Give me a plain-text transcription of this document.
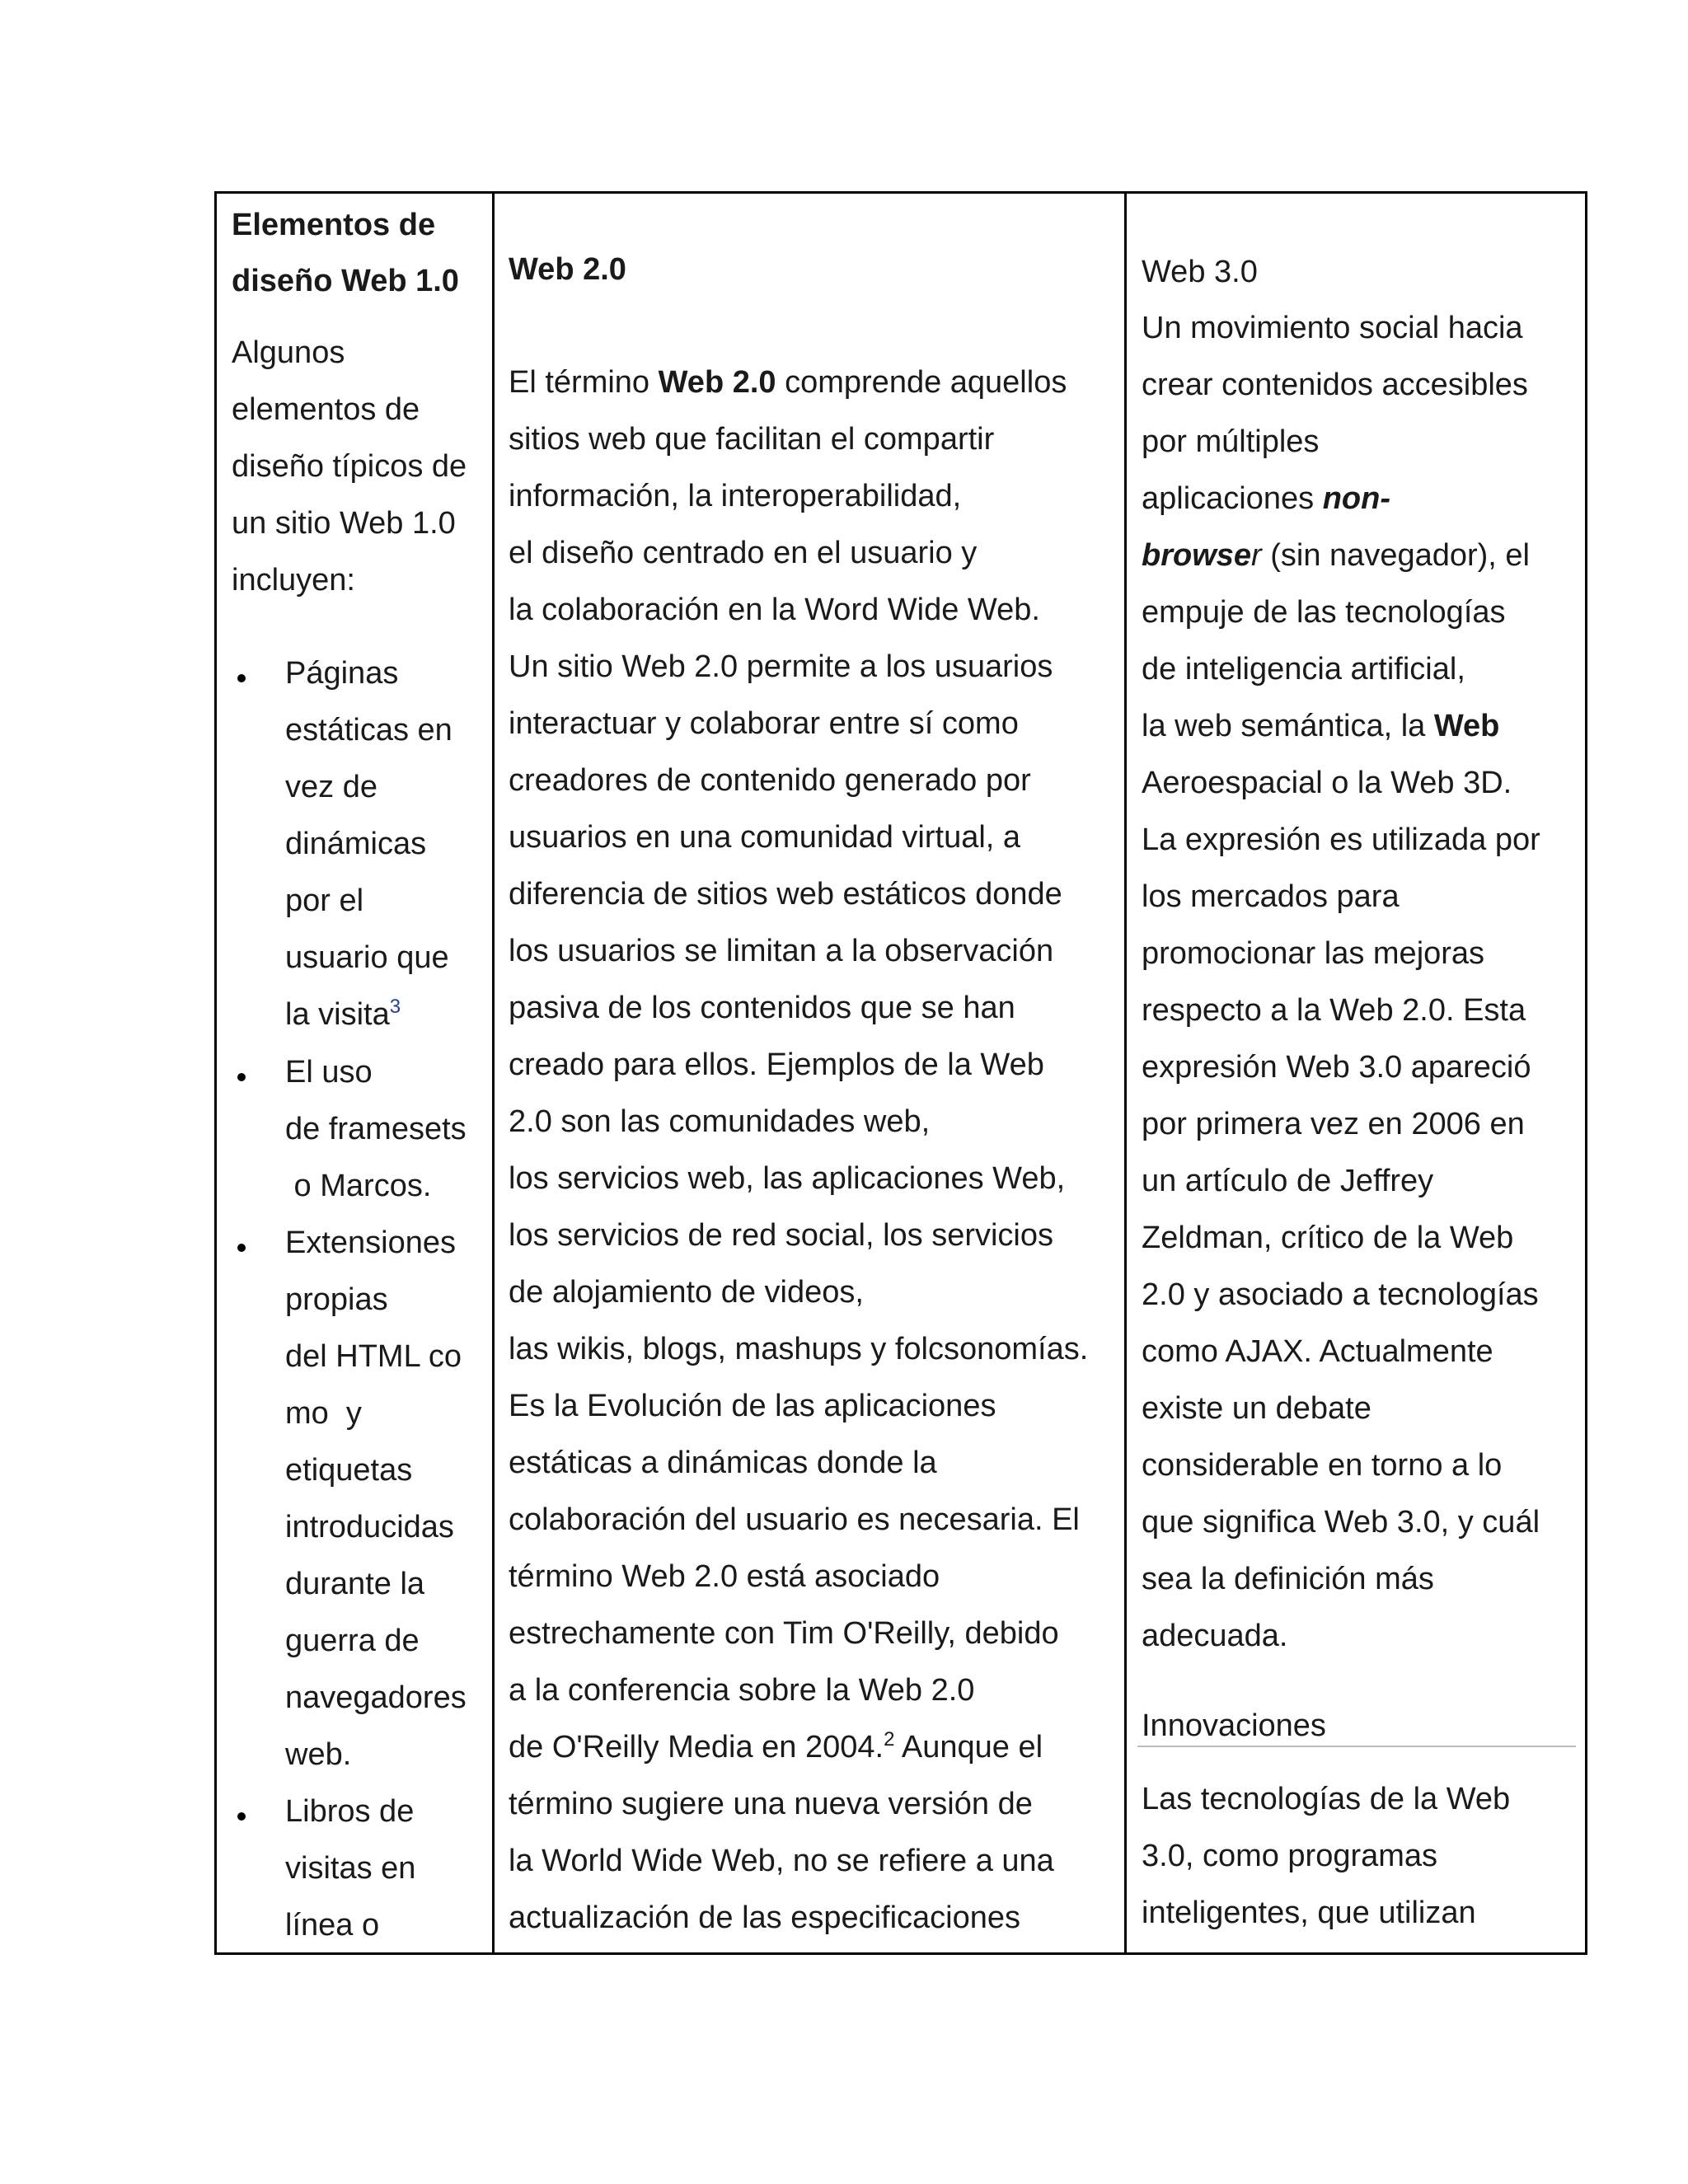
Elementos de
diseño Web 1.0
Algunos
elementos de
diseño típicos de
un sitio Web 1.0
incluyen:
Páginas
estáticas en
vez de
dinámicas
por el
usuario que
la visita$^3$
El uso
de framesets
o Marcos.
Extensiones
propias
del HTML co
mo  y
etiquetas
introducidas
durante la
guerra de
navegadores
web.
Libros de
visitas en
línea o
Web 2.0
El término Web 2.0 comprende aquellos
sitios web que facilitan el compartir
información, la interoperabilidad,
el diseño centrado en el usuario y
la colaboración en la Word Wide Web.
Un sitio Web 2.0 permite a los usuarios
interactuar y colaborar entre sí como
creadores de contenido generado por
usuarios en una comunidad virtual, a
diferencia de sitios web estáticos donde
los usuarios se limitan a la observación
pasiva de los contenidos que se han
creado para ellos. Ejemplos de la Web
2.0 son las comunidades web,
los servicios web, las aplicaciones Web,
los servicios de red social, los servicios
de alojamiento de videos,
las wikis, blogs, mashups y folcsonomías.
Es la Evolución de las aplicaciones
estáticas a dinámicas donde la
colaboración del usuario es necesaria. El
término Web 2.0 está asociado
estrechamente con Tim O'Reilly, debido
a la conferencia sobre la Web 2.0
de O'Reilly Media en 2004.$^2$ Aunque el
término sugiere una nueva versión de
la World Wide Web, no se refiere a una
actualización de las especificaciones
Web 3.0
Un movimiento social hacia
crear contenidos accesibles
por múltiples
aplicaciones non-
browser (sin navegador), el
empuje de las tecnologías
de inteligencia artificial,
la web semántica, la Web
Aeroespacial o la Web 3D.
La expresión es utilizada por
los mercados para
promocionar las mejoras
respecto a la Web 2.0. Esta
expresión Web 3.0 apareció
por primera vez en 2006 en
un artículo de Jeffrey
Zeldman, crítico de la Web
2.0 y asociado a tecnologías
como AJAX. Actualmente
existe un debate
considerable en torno a lo
que significa Web 3.0, y cuál
sea la definición más
adecuada.
Innovaciones
Las tecnologías de la Web
3.0, como programas
inteligentes, que utilizan
